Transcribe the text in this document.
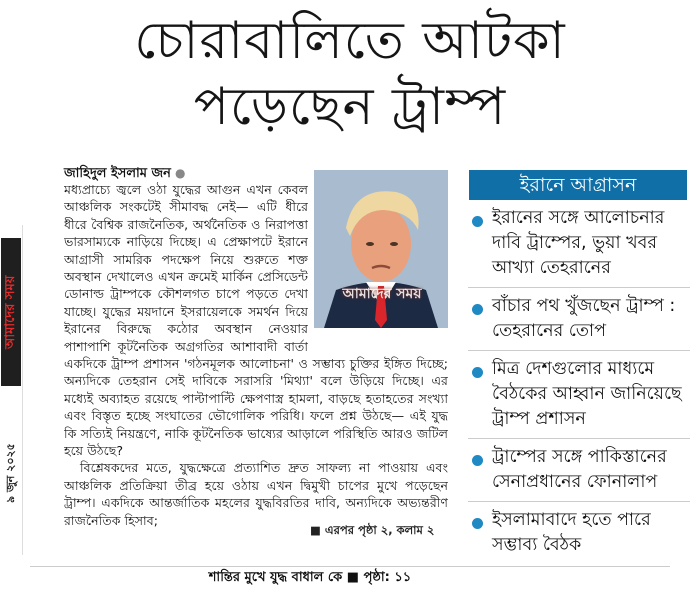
আমাদের সময়
৯ জুন ২০২৫
চোরাবালিতে আটকা
পড়েছেন ট্রাম্প
জাহিদুল ইসলাম জন ●
মধ্যপ্রাচ্যে জ্বলে ওঠা যুদ্ধের আগুন এখন কেবল আঞ্চলিক সংকটেই সীমাবদ্ধ নেই— এটি ধীরে ধীরে বৈশ্বিক রাজনৈতিক, অর্থনৈতিক ও নিরাপত্তা ভারসাম্যকে নাড়িয়ে দিচ্ছে। এ প্রেক্ষাপটে ইরানে আগ্রাসী সামরিক পদক্ষেপ নিয়ে শুরুতে শক্ত অবস্থান দেখালেও এখন ক্রমেই মার্কিন প্রেসিডেন্ট ডোনাল্ড ট্রাম্পকে কৌশলগত চাপে পড়তে দেখা যাচ্ছে। যুদ্ধের ময়দানে ইসরায়েলকে সমর্থন দিয়ে ইরানের বিরুদ্ধে কঠোর অবস্থান নেওয়ার পাশাপাশি কূটনৈতিক অগ্রগতির আশাবাদী বার্তা

একদিকে ট্রাম্প প্রশাসন 'গঠনমূলক আলোচনা' ও সম্ভাব্য চুক্তির ইঙ্গিত দিচ্ছে; অন্যদিকে তেহরান সেই দাবিকে সরাসরি 'মিথ্যা' বলে উড়িয়ে দিচ্ছে। এর মধ্যেই অব্যাহত রয়েছে পাল্টাপাল্টি ক্ষেপণাস্ত্র হামলা, বাড়ছে হতাহতের সংখ্যা এবং বিস্তৃত হচ্ছে সংঘাতের ভৌগোলিক পরিধি। ফলে প্রশ্ন উঠছে— এই যুদ্ধ কি সত্যিই নিয়ন্ত্রণে, নাকি কূটনৈতিক ভাষ্যের আড়ালে পরিস্থিতি আরও জটিল হয়ে উঠছে?

বিশ্লেষকদের মতে, যুদ্ধক্ষেত্রে প্রত্যাশিত দ্রুত সাফল্য না পাওয়ায় এবং আঞ্চলিক প্রতিক্রিয়া তীব্র হয়ে ওঠায় এখন দ্বিমুখী চাপের মুখে পড়েছেন ট্রাম্প। একদিকে আন্তর্জাতিক মহলের যুদ্ধবিরতির দাবি, অন্যদিকে অভ্যন্তরীণ রাজনৈতিক হিসাব;

■ এরপর পৃষ্ঠা ২, কলাম ২
আমাদের সময়
শান্তির মুখে যুদ্ধ বাধাল কে ■ পৃষ্ঠা: ১১
ইরানে আগ্রাসন
ইরানের সঙ্গে আলোচনার দাবি ট্রাম্পের, ভুয়া খবর আখ্যা তেহরানের
বাঁচার পথ খুঁজছেন ট্রাম্প : তেহরানের তোপ
মিত্র দেশগুলোর মাধ্যমে বৈঠকের আহ্বান জানিয়েছে ট্রাম্প প্রশাসন
ট্রাম্পের সঙ্গে পাকিস্তানের সেনাপ্রধানের ফোনালাপ
ইসলামাবাদে হতে পারে সম্ভাব্য বৈঠক
